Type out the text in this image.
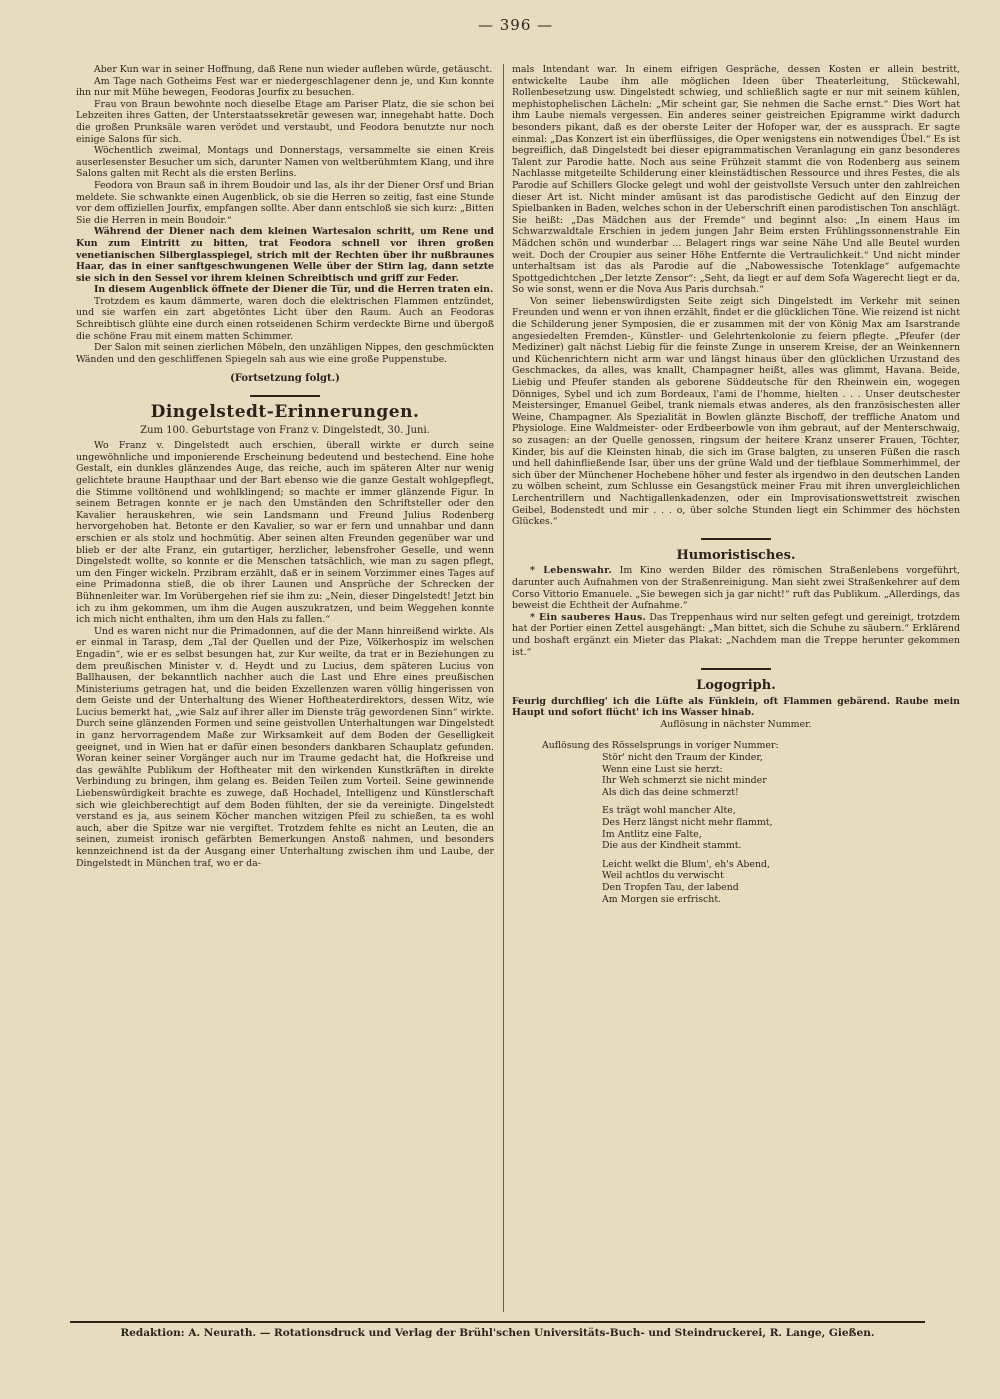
— 396 —

Aber Kun war in seiner Hoffnung, daß Rene nun wieder aufleben würde, getäuscht.

Am Tage nach Gotheims Fest war er niedergeschlagener denn je, und Kun konnte ihn nur mit Mühe bewegen, Feodoras Jourfix zu besuchen.

Frau von Braun bewohnte noch dieselbe Etage am Pariser Platz, die sie schon bei Lebzeiten ihres Gatten, der Unterstaatssekretär gewesen war, innegehabt hatte. Doch die großen Prunksäle waren verödet und verstaubt, und Feodora benutzte nur noch einige Salons für sich.

Wöchentlich zweimal, Montags und Donnerstags, versammelte sie einen Kreis auserlesenster Besucher um sich, darunter Namen von weltberühmtem Klang, und ihre Salons galten mit Recht als die ersten Berlins.

Feodora von Braun saß in ihrem Boudoir und las, als ihr der Diener Orsf und Brian meldete. Sie schwankte einen Augenblick, ob sie die Herren so zeitig, fast eine Stunde vor dem offiziellen Jourfix, empfangen sollte. Aber dann entschloß sie sich kurz: „Bitten Sie die Herren in mein Boudoir.“

Während der Diener nach dem kleinen Wartesalon schritt, um Rene und Kun zum Eintritt zu bitten, trat Feodora schnell vor ihren großen venetianischen Silberglasspiegel, strich mit der Rechten über ihr nußbraunes Haar, das in einer sanftgeschwungenen Welle über der Stirn lag, dann setzte sie sich in den Sessel vor ihrem kleinen Schreibtisch und griff zur Feder.

In diesem Augenblick öffnete der Diener die Tür, und die Herren traten ein.

Trotzdem es kaum dämmerte, waren doch die elektrischen Flammen entzündet, und sie warfen ein zart abgetöntes Licht über den Raum. Auch an Feodoras Schreibtisch glühte eine durch einen rotseidenen Schirm verdeckte Birne und übergoß die schöne Frau mit einem matten Schimmer.

Der Salon mit seinen zierlichen Möbeln, den unzähligen Nippes, den geschmückten Wänden und den geschliffenen Spiegeln sah aus wie eine große Puppenstube.

(Fortsetzung folgt.)

Dingelstedt-Erinnerungen.

Zum 100. Geburtstage von Franz v. Dingelstedt, 30. Juni.

Wo Franz v. Dingelstedt auch erschien, überall wirkte er durch seine ungewöhnliche und imponierende Erscheinung bedeutend und bestechend. Eine hohe Gestalt, ein dunkles glänzendes Auge, das reiche, auch im späteren Alter nur wenig gelichtete braune Haupthaar und der Bart ebenso wie die ganze Gestalt wohlgepflegt, die Stimme volltönend und wohlklingend; so machte er immer glänzende Figur. In seinem Betragen konnte er je nach den Umständen den Schriftsteller oder den Kavalier herauskehren, wie sein Landsmann und Freund Julius Rodenberg hervorgehoben hat. Betonte er den Kavalier, so war er fern und unnahbar und dann erschien er als stolz und hochmütig. Aber seinen alten Freunden gegenüber war und blieb er der alte Franz, ein gutartiger, herzlicher, lebensfroher Geselle, und wenn Dingelstedt wollte, so konnte er die Menschen tatsächlich, wie man zu sagen pflegt, um den Finger wickeln. Przibram erzählt, daß er in seinem Vorzimmer eines Tages auf eine Primadonna stieß, die ob ihrer Launen und Ansprüche der Schrecken der Bühnenleiter war. Im Vorübergehen rief sie ihm zu: „Nein, dieser Dingelstedt! Jetzt bin ich zu ihm gekommen, um ihm die Augen auszukratzen, und beim Weggehen konnte ich mich nicht enthalten, ihm um den Hals zu fallen.“

Und es waren nicht nur die Primadonnen, auf die der Mann hinreißend wirkte. Als er einmal in Tarasp, dem „Tal der Quellen und der Pize, Völkerhospiz im welschen Engadin“, wie er es selbst besungen hat, zur Kur weilte, da trat er in Beziehungen zu dem preußischen Minister v. d. Heydt und zu Lucius, dem späteren Lucius von Ballhausen, der bekanntlich nachher auch die Last und Ehre eines preußischen Ministeriums getragen hat, und die beiden Exzellenzen waren völlig hingerissen von dem Geiste und der Unterhaltung des Wiener Hoftheaterdirektors, dessen Witz, wie Lucius bemerkt hat, „wie Salz auf ihrer aller im Dienste träg gewordenen Sinn“ wirkte. Durch seine glänzenden Formen und seine geistvollen Unterhaltungen war Dingelstedt in ganz hervorragendem Maße zur Wirksamkeit auf dem Boden der Geselligkeit geeignet, und in Wien hat er dafür einen besonders dankbaren Schauplatz gefunden. Woran keiner seiner Vorgänger auch nur im Traume gedacht hat, die Hofkreise und das gewählte Publikum der Hoftheater mit den wirkenden Kunstkräften in direkte Verbindung zu bringen, ihm gelang es. Beiden Teilen zum Vorteil. Seine gewinnende Liebenswürdigkeit brachte es zuwege, daß Hochadel, Intelligenz und Künstlerschaft sich wie gleichberechtigt auf dem Boden fühlten, der sie da vereinigte. Dingelstedt verstand es ja, aus seinem Köcher manchen witzigen Pfeil zu schießen, ta es wohl auch, aber die Spitze war nie vergiftet. Trotzdem fehlte es nicht an Leuten, die an seinen, zumeist ironisch gefärbten Bemerkungen Anstoß nahmen, und besonders kennzeichnend ist da der Ausgang einer Unterhaltung zwischen ihm und Laube, der Dingelstedt in München traf, wo er da-

mals Intendant war. In einem eifrigen Gespräche, dessen Kosten er allein bestritt, entwickelte Laube ihm alle möglichen Ideen über Theaterleitung, Stückewahl, Rollenbesetzung usw. Dingelstedt schwieg, und schließlich sagte er nur mit seinem kühlen, mephistophelischen Lächeln: „Mir scheint gar, Sie nehmen die Sache ernst.“ Dies Wort hat ihm Laube niemals vergessen. Ein anderes seiner geistreichen Epigramme wirkt dadurch besonders pikant, daß es der oberste Leiter der Hofoper war, der es aussprach. Er sagte einmal: „Das Konzert ist ein überflüssiges, die Oper wenigstens ein notwendiges Übel.“ Es ist begreiflich, daß Dingelstedt bei dieser epigrammatischen Veranlagung ein ganz besonderes Talent zur Parodie hatte. Noch aus seine Frühzeit stammt die von Rodenberg aus seinem Nachlasse mitgeteilte Schilderung einer kleinstädtischen Ressource und ihres Festes, die als Parodie auf Schillers Glocke gelegt und wohl der geistvollste Versuch unter den zahlreichen dieser Art ist. Nicht minder amüsant ist das parodistische Gedicht auf den Einzug der Spielbanken in Baden, welches schon in der Ueberschrift einen parodistischen Ton anschlägt. Sie heißt: „Das Mädchen aus der Fremde“ und beginnt also: „In einem Haus im Schwarzwaldtale Erschien in jedem jungen Jahr Beim ersten Frühlingssonnenstrahle Ein Mädchen schön und wunderbar ... Belagert rings war seine Nähe Und alle Beutel wurden weit. Doch der Croupier aus seiner Höhe Entfernte die Vertraulichkeit.“ Und nicht minder unterhaltsam ist das als Parodie auf die „Nabowessische Totenklage“ aufgemachte Spottgedichtchen „Der letzte Zensor“: „Seht, da liegt er auf dem Sofa Wagerecht liegt er da, So wie sonst, wenn er die Nova Aus Paris durchsah.“

Von seiner liebenswürdigsten Seite zeigt sich Dingelstedt im Verkehr mit seinen Freunden und wenn er von ihnen erzählt, findet er die glücklichen Töne. Wie reizend ist nicht die Schilderung jener Symposien, die er zusammen mit der von König Max am Isarstrande angesiedelten Fremden-, Künstler- und Gelehrtenkolonie zu feiern pflegte. „Pfeufer (der Mediziner) galt nächst Liebig für die feinste Zunge in unserem Kreise, der an Weinkennern und Küchenrichtern nicht arm war und längst hinaus über den glücklichen Urzustand des Geschmackes, da alles, was knallt, Champagner heißt, alles was glimmt, Havana. Beide, Liebig und Pfeufer standen als geborene Süddeutsche für den Rheinwein ein, wogegen Dönniges, Sybel und ich zum Bordeaux, l'ami de l'homme, hielten . . . Unser deutschester Meistersinger, Emanuel Geibel, trank niemals etwas anderes, als den französischesten aller Weine, Champagner. Als Spezialität in Bowlen glänzte Bischoff, der treffliche Anatom und Physiologe. Eine Waldmeister- oder Erdbeerbowle von ihm gebraut, auf der Menterschwaig, so zusagen: an der Quelle genossen, ringsum der heitere Kranz unserer Frauen, Töchter, Kinder, bis auf die Kleinsten hinab, die sich im Grase balgten, zu unseren Füßen die rasch und hell dahinfließende Isar, über uns der grüne Wald und der tiefblaue Sommerhimmel, der sich über der Münchener Hochebene höher und fester als irgendwo in den deutschen Landen zu wölben scheint, zum Schlusse ein Gesangstück meiner Frau mit ihren unvergleichlichen Lerchentrillern und Nachtigallenkadenzen, oder ein Improvisationswettstreit zwischen Geibel, Bodenstedt und mir . . . o, über solche Stunden liegt ein Schimmer des höchsten Glückes.“

Humoristisches.

* Lebenswahr. Im Kino werden Bilder des römischen Straßenlebens vorgeführt, darunter auch Aufnahmen von der Straßenreinigung. Man sieht zwei Straßenkehrer auf dem Corso Vittorio Emanuele. „Sie bewegen sich ja gar nicht!“ ruft das Publikum. „Allerdings, das beweist die Echtheit der Aufnahme.“

* Ein sauberes Haus. Das Treppenhaus wird nur selten gefegt und gereinigt, trotzdem hat der Portier einen Zettel ausgehängt: „Man bittet, sich die Schuhe zu säubern.“ Erklärend und boshaft ergänzt ein Mieter das Plakat: „Nachdem man die Treppe herunter gekommen ist.“

Logogriph.

Feurig durchflieg' ich die Lüfte als Fünklein, oft Flammen gebärend. Raube mein Haupt und sofort flücht' ich ins Wasser hinab.

Auflösung in nächster Nummer.

Auflösung des Rösselsprungs in voriger Nummer:

Stör' nicht den Traum der Kinder,
Wenn eine Lust sie herzt:
Ihr Weh schmerzt sie nicht minder
Als dich das deine schmerzt!
Es trägt wohl mancher Alte,
Des Herz längst nicht mehr flammt,
Im Antlitz eine Falte,
Die aus der Kindheit stammt.
Leicht welkt die Blum', eh's Abend,
Weil achtlos du verwischt
Den Tropfen Tau, der labend
Am Morgen sie erfrischt.
Redaktion: A. Neurath. — Rotationsdruck und Verlag der Brühl'schen Universitäts-Buch- und Steindruckerei, R. Lange, Gießen.
